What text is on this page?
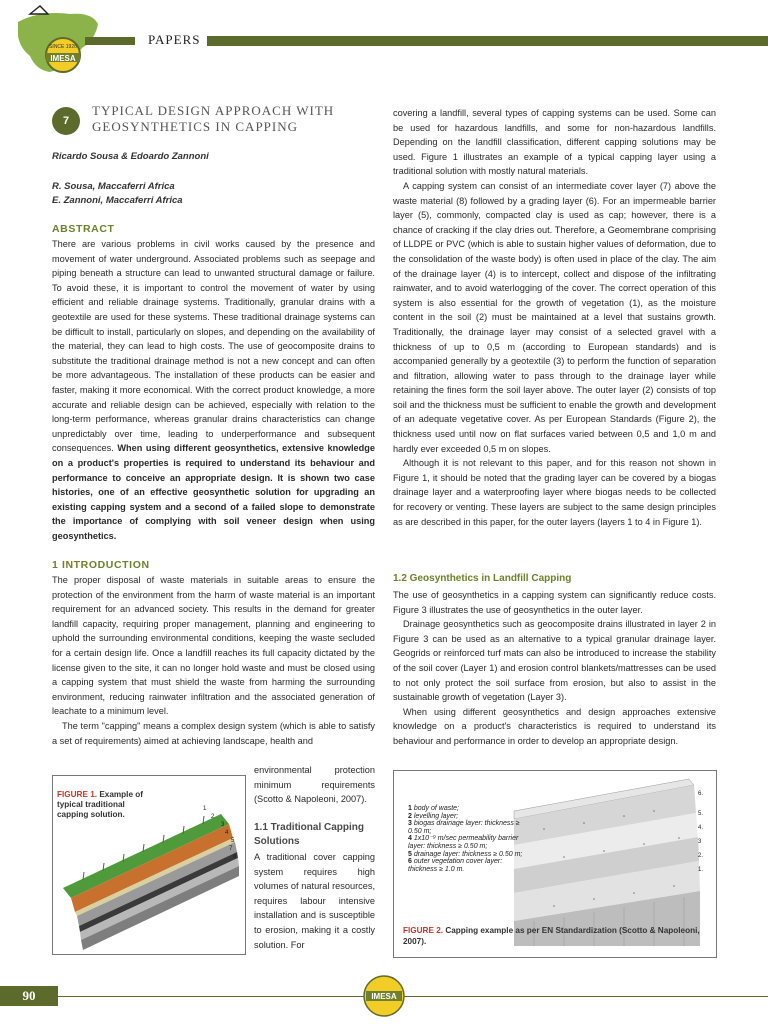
SINCE 1926
IMESA
PAPERS
7
TYPICAL DESIGN APPROACH WITH
GEOSYNTHETICS IN CAPPING
Ricardo Sousa & Edoardo Zannoni
R. Sousa, Maccaferri Africa
E. Zannoni, Maccaferri Africa
ABSTRACT

There are various problems in civil works caused by the presence and movement of water underground. Associated problems such as seepage and piping beneath a structure can lead to unwanted structural damage or failure. To avoid these, it is important to control the movement of water by using efficient and reliable drainage systems. Traditionally, granular drains with a geotextile are used for these systems. These traditional drainage systems can be difficult to install, particularly on slopes, and depending on the availability of the material, they can lead to high costs. The use of geocomposite drains to substitute the traditional drainage method is not a new concept and can often be more advantageous. The installation of these products can be easier and faster, making it more economical. With the correct product knowledge, a more accurate and reliable design can be achieved, especially with relation to the long-term performance, whereas granular drains characteristics can change unpredictably over time, leading to underperformance and subsequent consequences. When using different geosynthetics, extensive knowledge on a product's properties is required to understand its behaviour and performance to conceive an appropriate design. It is shown two case histories, one of an effective geosynthetic solution for upgrading an existing capping system and a second of a failed slope to demonstrate the importance of complying with soil veneer design when using geosynthetics.

1 INTRODUCTION

The proper disposal of waste materials in suitable areas to ensure the protection of the environment from the harm of waste material is an important requirement for an advanced society. This results in the demand for greater landfill capacity, requiring proper management, planning and engineering to uphold the surrounding environmental conditions, keeping the waste secluded for a certain design life. Once a landfill reaches its full capacity dictated by the license given to the site, it can no longer hold waste and must be closed using a capping system that must shield the waste from harming the surrounding environment, reducing rainwater infiltration and the associated generation of leachate to a minimum level.

The term "capping" means a complex design system (which is able to satisfy a set of requirements) aimed at achieving landscape, health and

FIGURE 1. Example of typical traditional capping solution.
1
2
3
4
5
7
8
environmental protection minimum requirements (Scotto & Napoleoni, 2007).
1.1 Traditional Capping
Solutions
A traditional cover capping system requires high volumes of natural resources, requires labour intensive installation and is susceptible to erosion, making it a costly solution. For

covering a landfill, several types of capping systems can be used. Some can be used for hazardous landfills, and some for non-hazardous landfills. Depending on the landfill classification, different capping solutions may be used. Figure 1 illustrates an example of a typical capping layer using a traditional solution with mostly natural materials.

A capping system can consist of an intermediate cover layer (7) above the waste material (8) followed by a grading layer (6). For an impermeable barrier layer (5), commonly, compacted clay is used as cap; however, there is a chance of cracking if the clay dries out. Therefore, a Geomembrane comprising of LLDPE or PVC (which is able to sustain higher values of deformation, due to the consolidation of the waste body) is often used in place of the clay. The aim of the drainage layer (4) is to intercept, collect and dispose of the infiltrating rainwater, and to avoid waterlogging of the cover. The correct operation of this system is also essential for the growth of vegetation (1), as the moisture content in the soil (2) must be maintained at a level that sustains growth. Traditionally, the drainage layer may consist of a selected gravel with a thickness of up to 0,5 m (according to European standards) and is accompanied generally by a geotextile (3) to perform the function of separation and filtration, allowing water to pass through to the drainage layer while retaining the fines form the soil layer above. The outer layer (2) consists of top soil and the thickness must be sufficient to enable the growth and development of an adequate vegetative cover. As per European Standards (Figure 2), the thickness used until now on flat surfaces varied between 0,5 and 1,0 m and hardly ever exceeded 0,5 m on slopes.

Although it is not relevant to this paper, and for this reason not shown in Figure 1, it should be noted that the grading layer can be covered by a biogas drainage layer and a waterproofing layer where biogas needs to be collected for recovery or venting. These layers are subject to the same design principles as are described in this paper, for the outer layers (layers 1 to 4 in Figure 1).

1.2 Geosynthetics in Landfill Capping

The use of geosynthetics in a capping system can significantly reduce costs. Figure 3 illustrates the use of geosynthetics in the outer layer.

Drainage geosynthetics such as geocomposite drains illustrated in layer 2 in Figure 3 can be used as an alternative to a typical granular drainage layer. Geogrids or reinforced turf mats can also be introduced to increase the stability of the soil cover (Layer 1) and erosion control blankets/mattresses can be used to not only protect the soil surface from erosion, but also to assist in the sustainable growth of vegetation (Layer 3).

When using different geosynthetics and design approaches extensive knowledge on a product's characteristics is required to understand its behaviour and performance in order to develop an appropriate design.

1 body of waste;
2 levelling layer;
3 biogas drainage layer: thickness ≥ 0.50 m;
4 1x10⁻⁹ m/sec permeability barrier layer: thickness ≥ 0.50 m;
5 drainage layer: thickness ≥ 0.50 m;
6 outer vegetation cover layer: thickness ≥ 1.0 m.
6.
5.
4.
3
2.
1.
FIGURE 2. Capping example as per EN Standardization (Scotto & Napoleoni, 2007).
90	IMESA
